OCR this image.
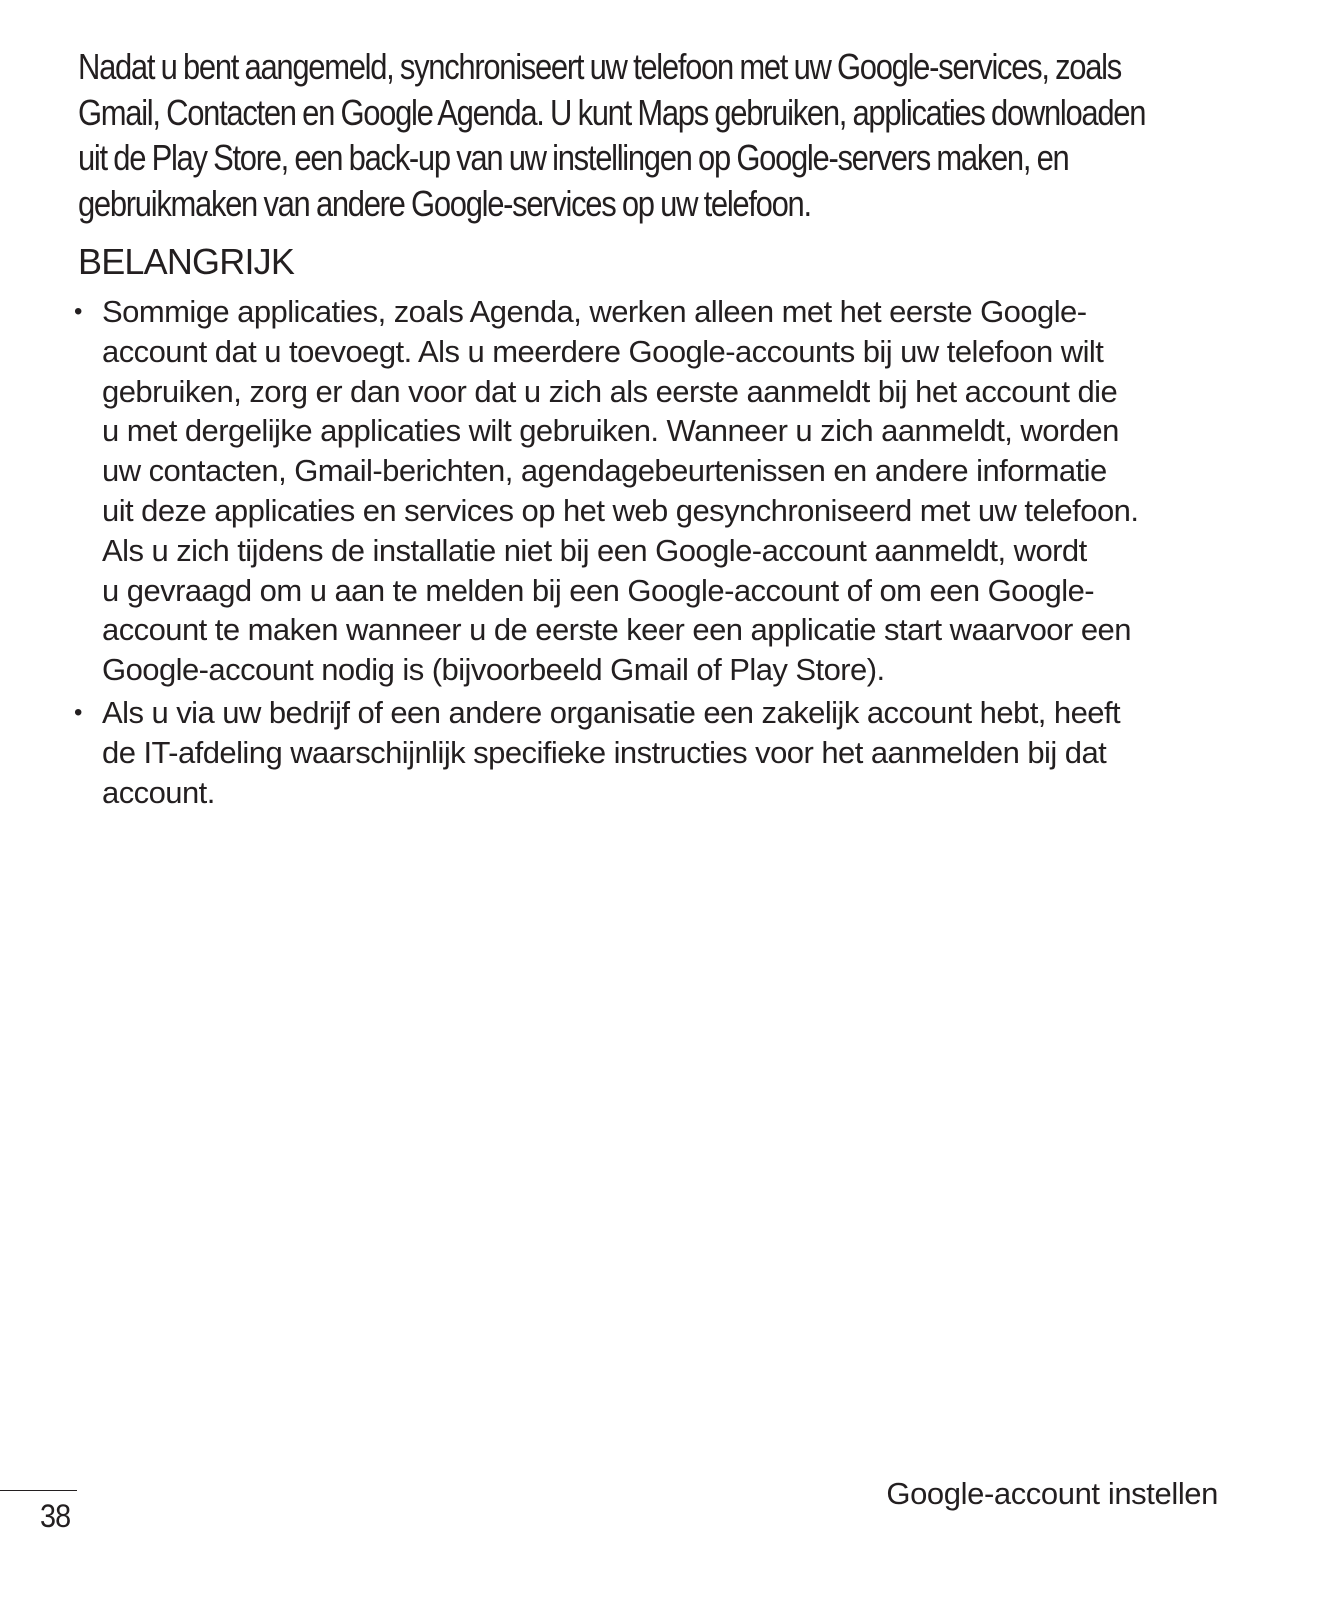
Nadat u bent aangemeld, synchroniseert uw telefoon met uw Google-services, zoals
Gmail, Contacten en Google Agenda. U kunt Maps gebruiken, applicaties downloaden
uit de Play Store, een back-up van uw instellingen op Google-servers maken, en
gebruikmaken van andere Google-services op uw telefoon.

BELANGRIJK
• Sommige applicaties, zoals Agenda, werken alleen met het eerste Google-
account dat u toevoegt. Als u meerdere Google-accounts bij uw telefoon wilt
gebruiken, zorg er dan voor dat u zich als eerste aanmeldt bij het account die
u met dergelijke applicaties wilt gebruiken. Wanneer u zich aanmeldt, worden
uw contacten, Gmail-berichten, agendagebeurtenissen en andere informatie
uit deze applicaties en services op het web gesynchroniseerd met uw telefoon.
Als u zich tijdens de installatie niet bij een Google-account aanmeldt, wordt
u gevraagd om u aan te melden bij een Google-account of om een Google-
account te maken wanneer u de eerste keer een applicatie start waarvoor een
Google-account nodig is (bijvoorbeeld Gmail of Play Store).
• Als u via uw bedrijf of een andere organisatie een zakelijk account hebt, heeft
de IT-afdeling waarschijnlijk specifieke instructies voor het aanmelden bij dat
account.
38
Google-account instellen
